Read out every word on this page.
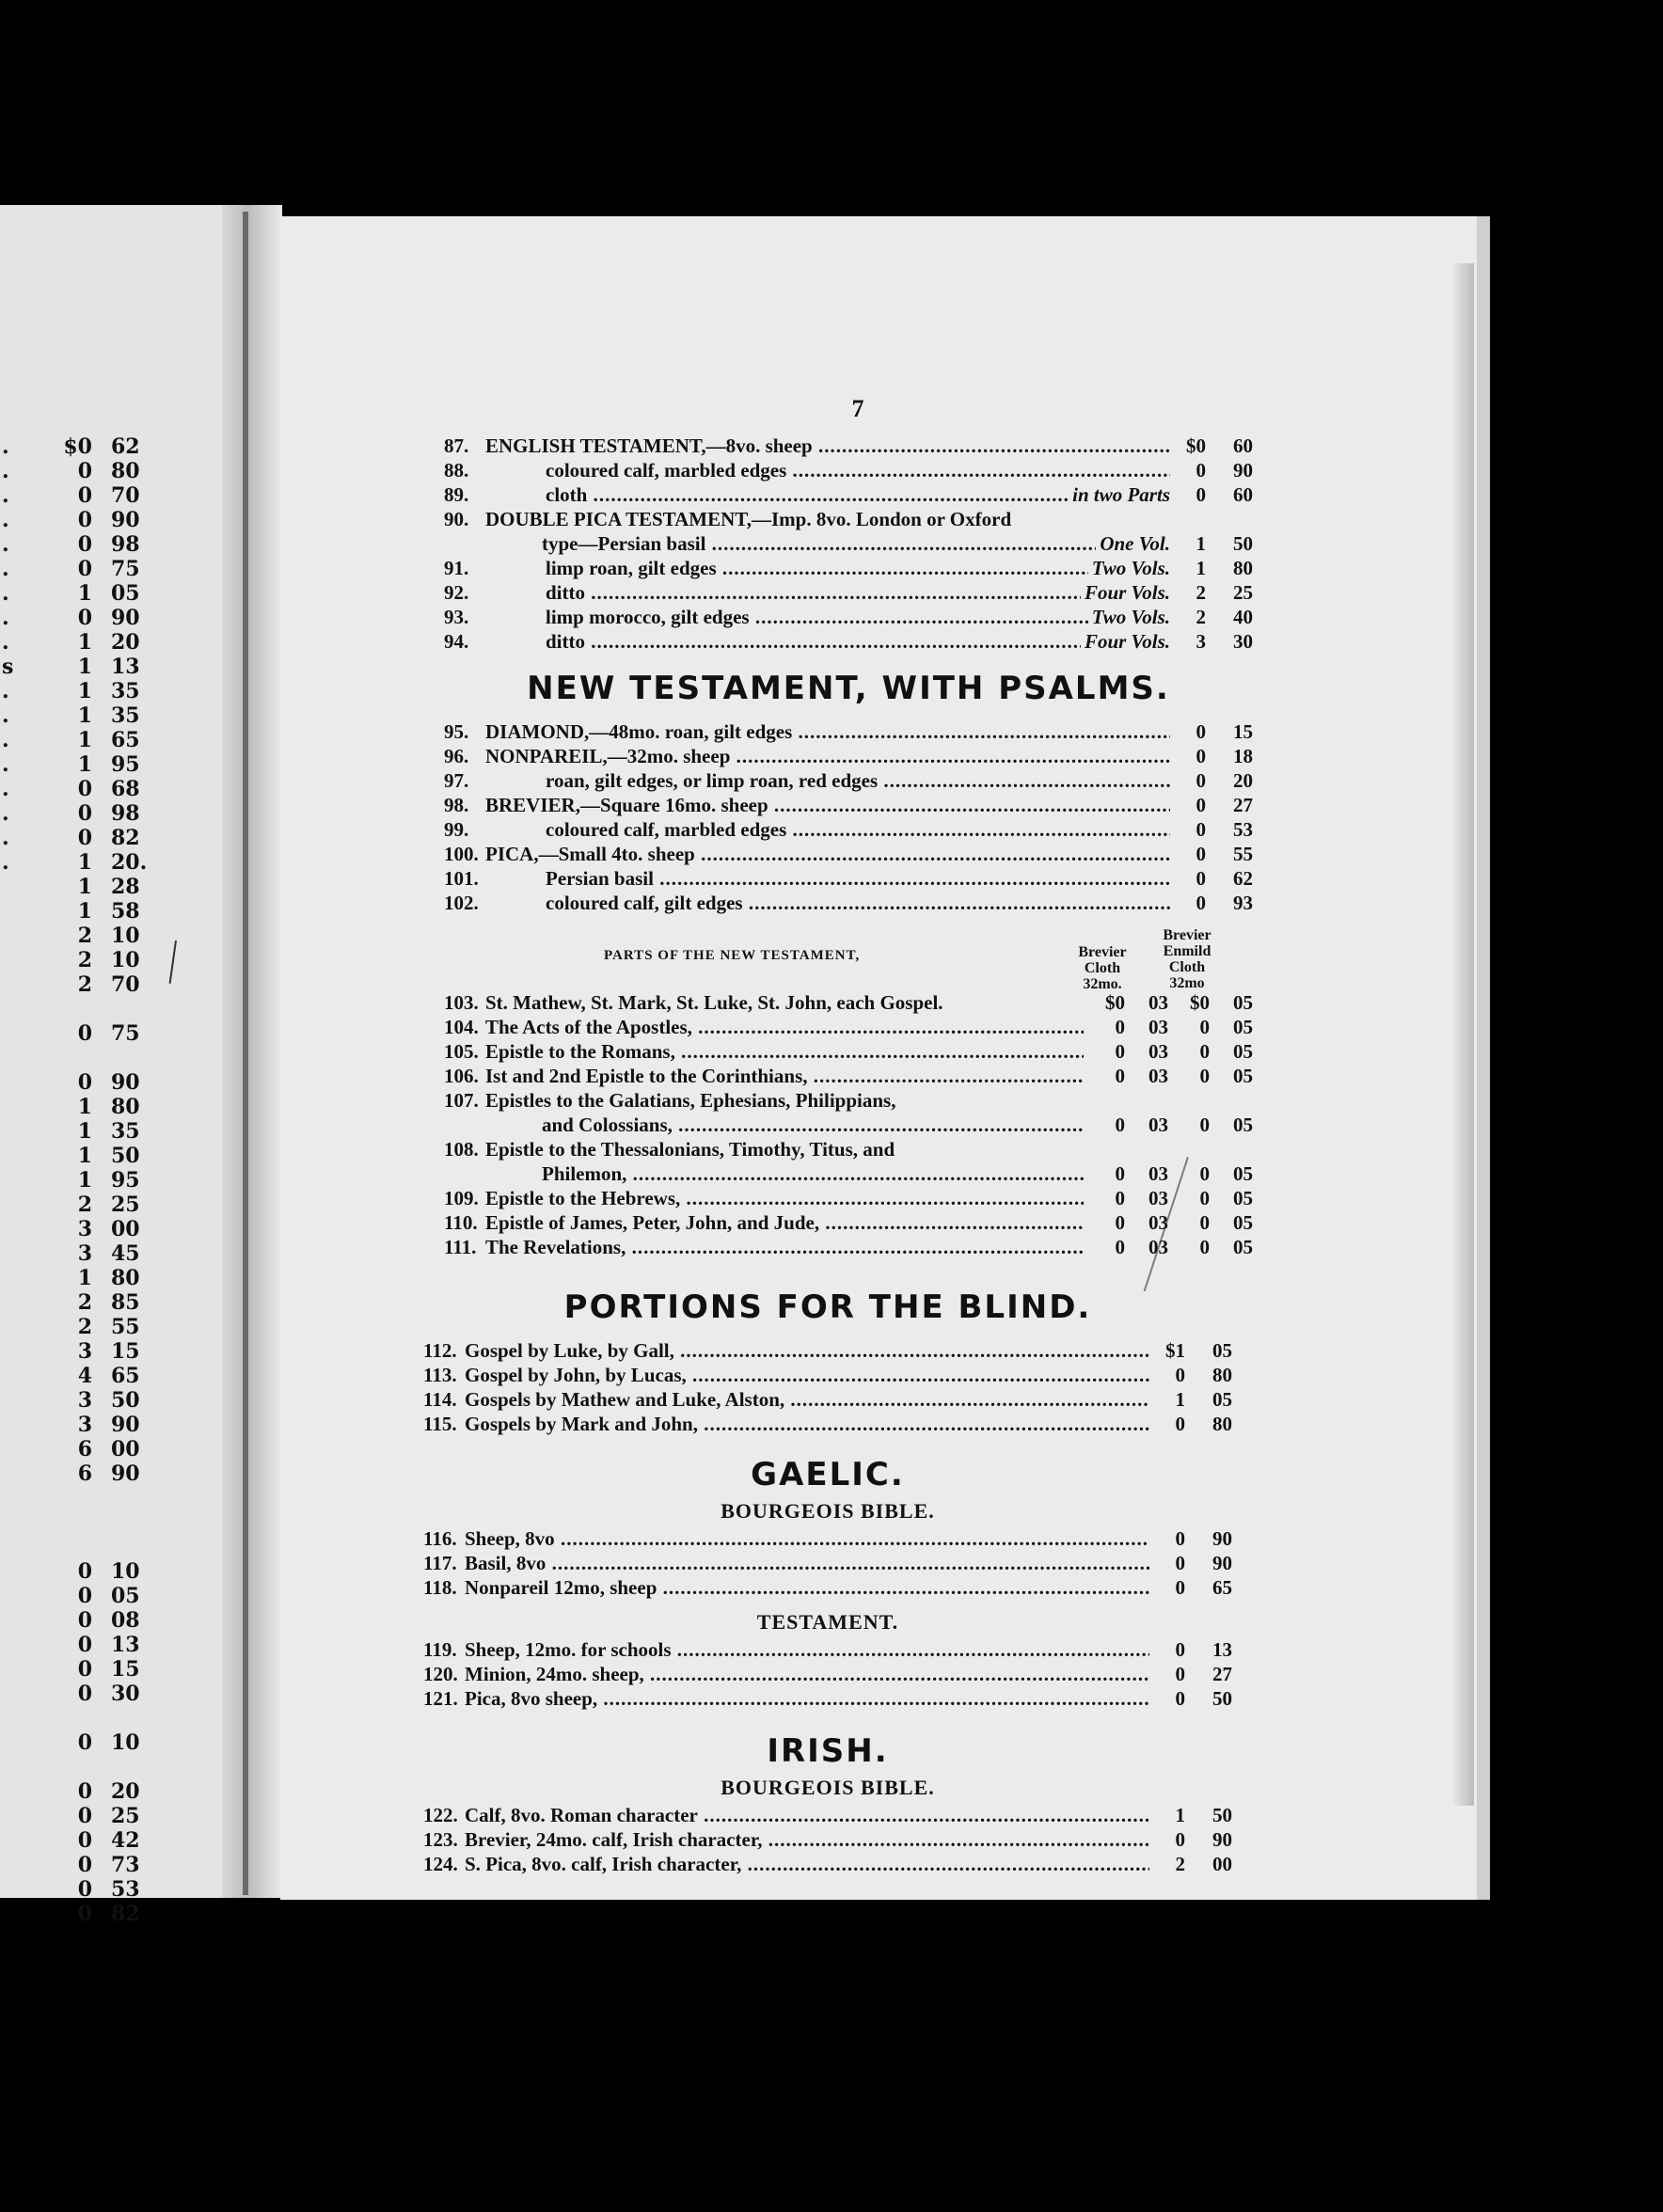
.	$0 62
.	0 80
.	0 70
.	0 90
.	0 98
.	0 75
.	1 05
.	0 90
.	1 20
s	1 13
.	1 35
.	1 35
.	1 65
.	1 95
.	0 68
.	0 98
.	0 82
.	1 20.
1 28
1 58
2 10
2 10
2 70
0 75
0 90
1 80
1 35
1 50
1 95
2 25
3 00
3 45
1 80
2 85
2 55
3 15
4 65
3 50
3 90
6 00
6 90
0 10
0 05
0 08
0 13
0 15
0 30
0 10
0 20
0 25
0 42
0 73
0 53
0 82
7
87. ENGLISH TESTAMENT,—8vo. sheep .....	$0	60
88.	coloured calf, marbled edges .....	0	90
89.	cloth .....	in two Parts	0	60
90. DOUBLE PICA TESTAMENT,—Imp. 8vo. London or Oxford
type—Persian basil .....	One Vol.	1	50
91.	limp roan, gilt edges .....	Two Vols.	1	80
92.	ditto .....	Four Vols.	2	25
93.	limp morocco, gilt edges .....	Two Vols.	2	40
94.	ditto .....	Four Vols.	3	30
NEW TESTAMENT, WITH PSALMS.
95. DIAMOND,—48mo. roan, gilt edges .....	0	15
96. NONPAREIL,—32mo. sheep .....	0	18
97.	roan, gilt edges, or limp roan, red edges .....	0	20
98. BREVIER,—Square 16mo. sheep .....	0	27
99.	coloured calf, marbled edges .....	0	53
100. PICA,—Small 4to. sheep .....	0	55
101.	Persian basil .....	0	62
102.	coloured calf, gilt edges .....	0	93
PARTS OF THE NEW TESTAMENT,	Brevier
Cloth
32mo.
Brevier
Enmild
Cloth
32mo
103. St. Mathew, St. Mark, St. Luke, St. John, each Gospel.	$0	03	$0	05
104. The Acts of the Apostles, .....	0	03	0	05
105. Epistle to the Romans, .....	0	03	0	05
106. Ist and 2nd Epistle to the Corinthians, .....	0	03	0	05
107. Epistles to the Galatians, Ephesians, Philippians,
and Colossians, .....	0	03	0	05
108. Epistle to the Thessalonians, Timothy, Titus, and
Philemon, .....	0	03	0	05
109. Epistle to the Hebrews, .....	0	03	0	05
110. Epistle of James, Peter, John, and Jude, .....	0	03	0	05
111. The Revelations, .....	0	03	0	05
PORTIONS FOR THE BLIND.
112. Gospel by Luke, by Gall, .....	$1	05
113. Gospel by John, by Lucas, .....	0	80
114. Gospels by Mathew and Luke, Alston, .....	1	05
115. Gospels by Mark and John, .....	0	80
GAELIC.
BOURGEOIS BIBLE.
116. Sheep, 8vo .....	0	90
117. Basil, 8vo .....	0	90
118. Nonpareil 12mo, sheep .....	0	65
TESTAMENT.
119. Sheep, 12mo. for schools .....	0	13
120. Minion, 24mo. sheep, .....	0	27
121. Pica, 8vo sheep, .....	0	50
IRISH.
BOURGEOIS BIBLE.
122. Calf, 8vo. Roman character .....	1	50
123. Brevier, 24mo. calf, Irish character, .....	0	90
124. S. Pica, 8vo. calf, Irish character, .....	2	00
